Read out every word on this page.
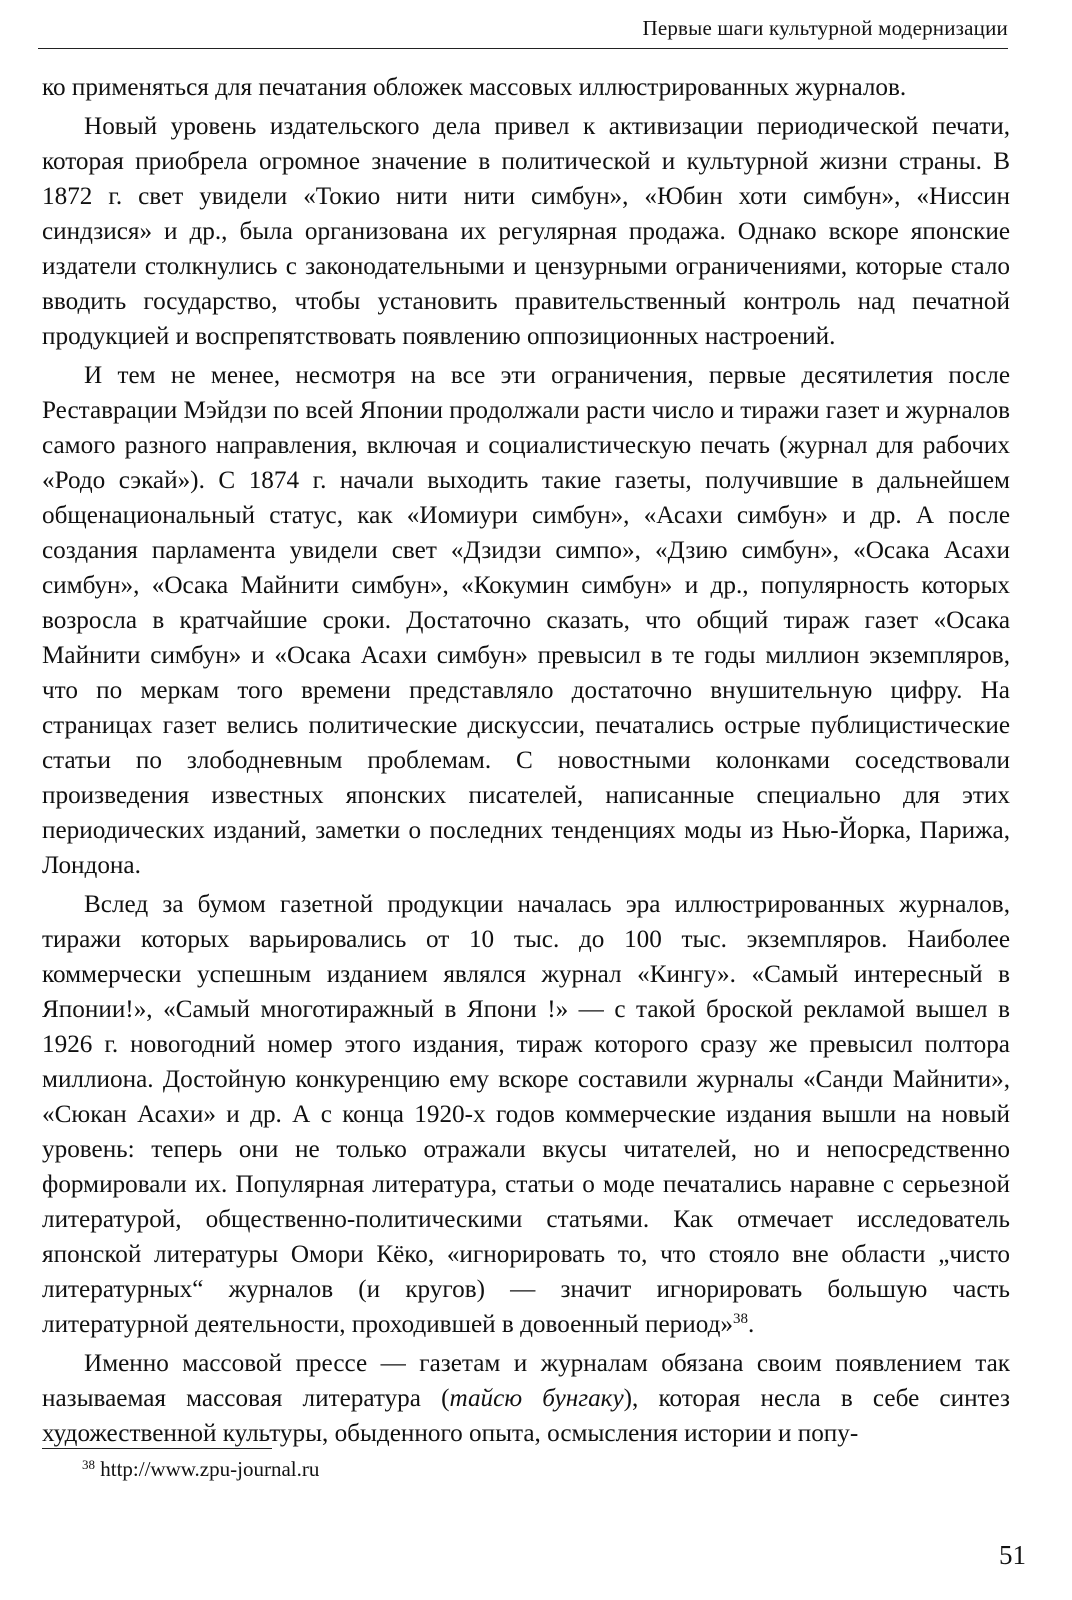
Первые шаги культурной модернизации

ко применяться для печатания обложек массовых иллюстрированных журналов.

Новый уровень издательского дела привел к активизации периодической печати, которая приобрела огромное значение в политической и культурной жизни страны. В 1872 г. свет увидели «Токио нити нити симбун», «Юбин хоти симбун», «Ниссин синдзися» и др., была организована их регулярная продажа. Однако вскоре японские издатели столкнулись с законодательными и цензурными ограничениями, которые стало вводить государство, чтобы установить правительственный контроль над печатной продукцией и воспрепятствовать появлению оппозиционных настроений.

И тем не менее, несмотря на все эти ограничения, первые десятилетия после Реставрации Мэйдзи по всей Японии продолжали расти число и тиражи газет и журналов самого разного направления, включая и социалистическую печать (журнал для рабочих «Родо сэкай»). С 1874 г. начали выходить такие газеты, получившие в дальнейшем общенациональный статус, как «Иомиури симбун», «Асахи симбун» и др. А после создания парламента увидели свет «Дзидзи симпо», «Дзию симбун», «Осака Асахи симбун», «Осака Майнити симбун», «Кокумин симбун» и др., популярность которых возросла в кратчайшие сроки. Достаточно сказать, что общий тираж газет «Осака Майнити симбун» и «Осака Асахи симбун» превысил в те годы миллион экземпляров, что по меркам того времени представляло достаточно внушительную цифру. На страницах газет велись политические дискуссии, печатались острые публицистические статьи по злободневным проблемам. С новостными колонками соседствовали произведения известных японских писателей, написанные специально для этих периодических изданий, заметки о последних тенденциях моды из Нью-Йорка, Парижа, Лондона.

Вслед за бумом газетной продукции началась эра иллюстрированных журналов, тиражи которых варьировались от 10 тыс. до 100 тыс. экземпляров. Наиболее коммерчески успешным изданием являлся журнал «Кингу». «Самый интересный в Японии!», «Самый многотиражный в Япони !» — с такой броской рекламой вышел в 1926 г. новогодний номер этого издания, тираж которого сразу же превысил полтора миллиона. Достойную конкуренцию ему вскоре составили журналы «Санди Майнити», «Сюкан Асахи» и др. А с конца 1920-х годов коммерческие издания вышли на новый уровень: теперь они не только отражали вкусы читателей, но и непосредственно формировали их. Популярная литература, статьи о моде печатались наравне с серьезной литературой, общественно-политическими статьями. Как отмечает исследователь японской литературы Омори Кёко, «игнорировать то, что стояло вне области „чисто литературных“ журналов (и кругов) — значит игнорировать большую часть литературной деятельности, проходившей в довоенный период»$^{38}$.

Именно массовой прессе — газетам и журналам обязана своим появлением так называемая массовая литература (тайсю бунгаку), которая несла в себе синтез художественной культуры, обыденного опыта, осмысления истории и попу-

$^{38}$ http://www.zpu-journal.ru
51
